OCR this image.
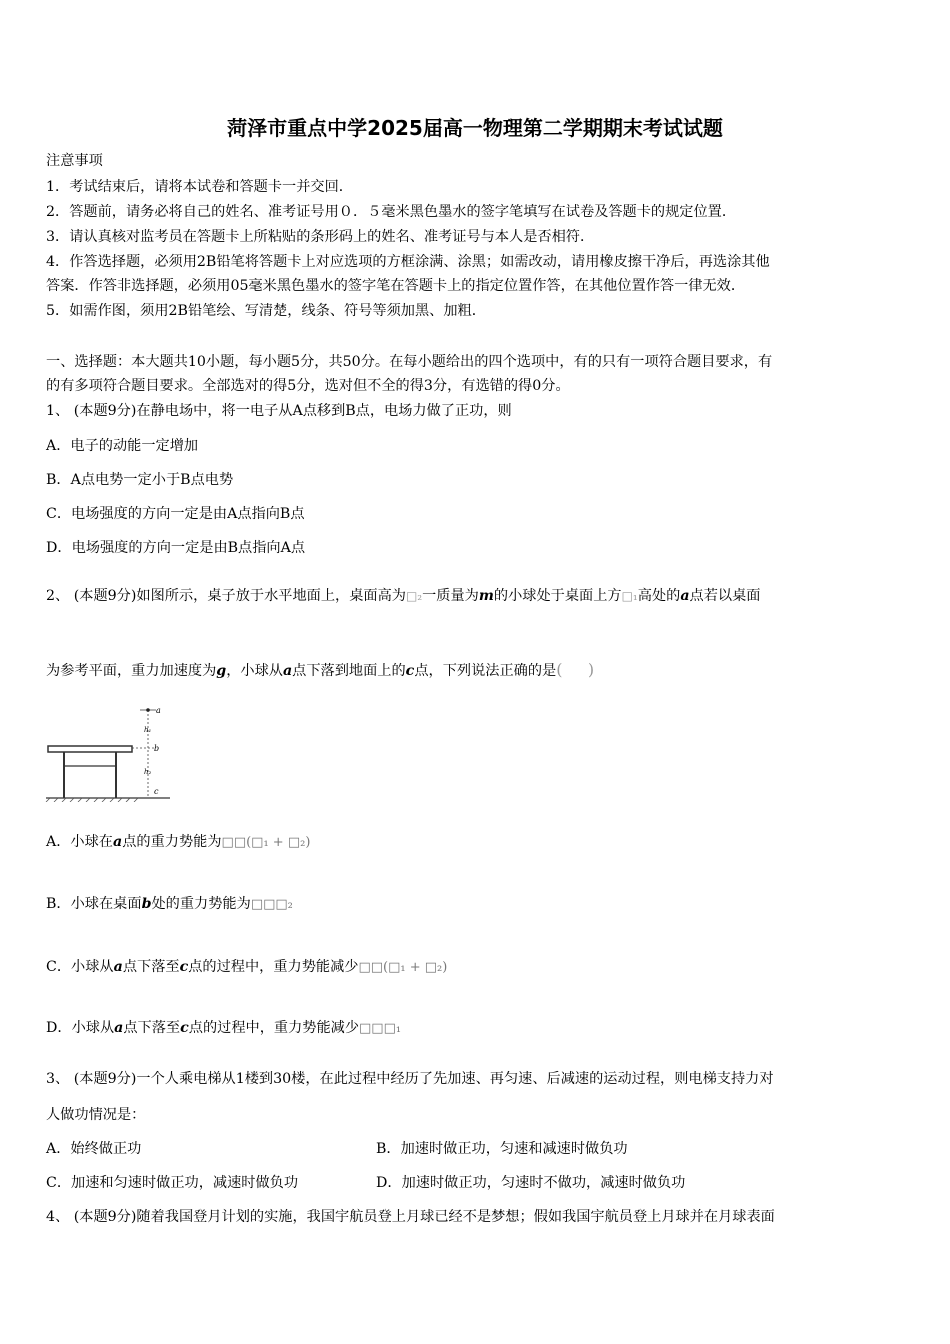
菏泽市重点中学2025届高一物理第二学期期末考试试题
注意事项
1．考试结束后，请将本试卷和答题卡一并交回．
2．答题前，请务必将自己的姓名、准考证号用０．５毫米黑色墨水的签字笔填写在试卷及答题卡的规定位置．
3．请认真核对监考员在答题卡上所粘贴的条形码上的姓名、准考证号与本人是否相符．
4．作答选择题，必须用2B铅笔将答题卡上对应选项的方框涂满、涂黑；如需改动，请用橡皮擦干净后，再选涂其他
答案．作答非选择题，必须用05毫米黑色墨水的签字笔在答题卡上的指定位置作答，在其他位置作答一律无效．
5．如需作图，须用2B铅笔绘、写清楚，线条、符号等须加黑、加粗．
一、选择题：本大题共10小题，每小题5分，共50分。在每小题给出的四个选项中，有的只有一项符合题目要求，有
的有多项符合题目要求。全部选对的得5分，选对但不全的得3分，有选错的得0分。
1、 (本题9分)在静电场中，将一电子从A点移到B点，电场力做了正功，则
A．电子的动能一定增加
B．A点电势一定小于B点电势
C．电场强度的方向一定是由A点指向B点
D．电场强度的方向一定是由B点指向A点
2、 (本题9分)如图所示，桌子放于水平地面上，桌面高为□₂一质量为m的小球处于桌面上方□₁高处的a点若以桌面
为参考平面，重力加速度为g，小球从a点下落到地面上的c点，下列说法正确的是(     )
a
h₁
b
h₂
c
A．小球在a点的重力势能为□□(□₁ + □₂)
B．小球在桌面b处的重力势能为□□□₂
C．小球从a点下落至c点的过程中，重力势能减少□□(□₁ + □₂)
D．小球从a点下落至c点的过程中，重力势能减少□□□₁
3、 (本题9分)一个人乘电梯从1楼到30楼，在此过程中经历了先加速、再匀速、后减速的运动过程，则电梯支持力对
人做功情况是：
A．始终做正功	B．加速时做正功，匀速和减速时做负功
C．加速和匀速时做正功，减速时做负功	D．加速时做正功，匀速时不做功，减速时做负功
4、 (本题9分)随着我国登月计划的实施，我国宇航员登上月球已经不是梦想；假如我国宇航员登上月球并在月球表面
